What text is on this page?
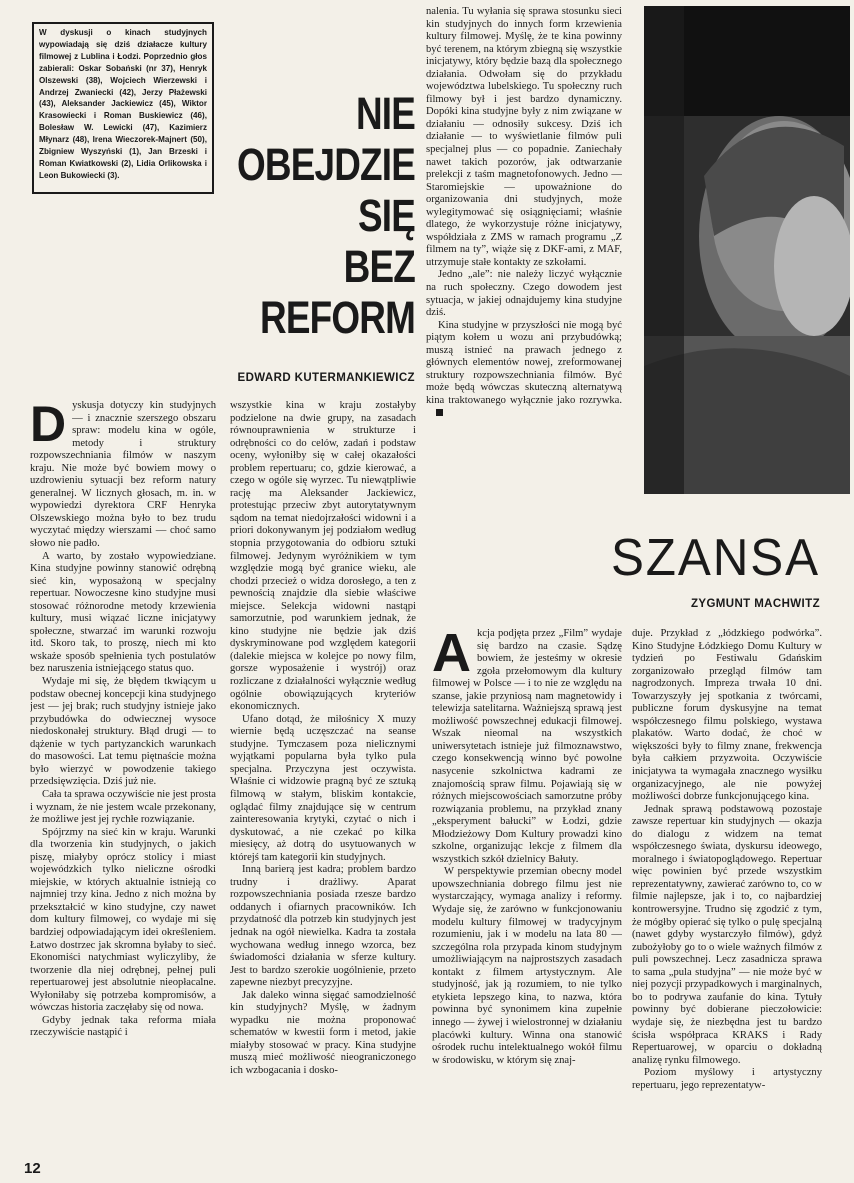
W dyskusji o kinach studyjnych wypowiadają się dziś działacze kultury filmowej z Lublina i Łodzi. Poprzednio głos zabierali: Oskar Sobański (nr 37), Henryk Olszewski (38), Wojciech Wierzewski i Andrzej Zwaniecki (42), Jerzy Płażewski (43), Aleksander Jackiewicz (45), Wiktor Krasowiecki i Roman Buskiewicz (46), Bolesław W. Lewicki (47), Kazimierz Młynarz (48), Irena Wieczorek-Majnert (50), Zbigniew Wyszyński (1), Jan Brzeski i Roman Kwiatkowski (2), Lidia Orlikowska i Leon Bukowiecki (3).
NIE
OBEJDZIE
SIĘ
BEZ REFORM
EDWARD KUTERMANKIEWICZ
D yskusja dotyczy kin studyjnych — i znacznie szerszego obszaru spraw: modelu kina w ogóle, metody i struktury rozpowszechniania filmów w naszym kraju. Nie może być bowiem mowy o uzdrowieniu sytuacji bez reform natury generalnej. W licznych głosach, m. in. w wypowiedzi dyrektora CRF Henryka Olszewskiego można było to bez trudu wyczytać między wierszami — choć samo słowo nie padło.

A warto, by zostało wypowiedziane. Kina studyjne powinny stanowić odrębną sieć kin, wyposażoną w specjalny repertuar. Nowoczesne kino studyjne musi stosować różnorodne metody krzewienia kultury, musi wiązać liczne inicjatywy społeczne, stwarzać im warunki rozwoju itd. Skoro tak, to proszę, niech mi kto wskaże sposób spełnienia tych postulatów bez naruszenia istniejącego status quo.

Wydaje mi się, że błędem tkwiącym u podstaw obecnej koncepcji kina studyjnego jest — jej brak; ruch studyjny istnieje jako przybudówka do odwiecznej wysoce niedoskonałej struktury. Błąd drugi — to dążenie w tych partyzanckich warunkach do masowości. Lat temu piętnaście można było wierzyć w powodzenie takiego przedsięwzięcia. Dziś już nie.

Cała ta sprawa oczywiście nie jest prosta i wyznam, że nie jestem wcale przekonany, że możliwe jest jej rychłe rozwiązanie.

Spójrzmy na sieć kin w kraju. Warunki dla tworzenia kin studyjnych, o jakich piszę, miałyby oprócz stolicy i miast wojewódzkich tylko nieliczne ośrodki miejskie, w których aktualnie istnieją co najmniej trzy kina. Jedno z nich można by przekształcić w kino studyjne, czy nawet dom kultury filmowej, co wydaje mi się bardziej odpowiadającym idei określeniem. Łatwo dostrzec jak skromna byłaby to sieć. Ekonomiści natychmiast wyliczyliby, że tworzenie dla niej odrębnej, pełnej puli repertuarowej jest absolutnie nieopłacalne. Wyłoniłaby się potrzeba kompromisów, a wówczas historia zaczęłaby się od nowa.

Gdyby jednak taka reforma miała rzeczywiście nastąpić i

wszystkie kina w kraju zostałyby podzielone na dwie grupy, na zasadach równouprawnienia w strukturze i odrębności co do celów, zadań i podstaw oceny, wyłoniłby się w całej okazałości problem repertuaru; co, gdzie kierować, a czego w ogóle się wyrzec. Tu niewątpliwie rację ma Aleksander Jackiewicz, protestując przeciw zbyt autorytatywnym sądom na temat niedojrzałości widowni i a priori dokonywanym jej podziałom według stopnia przygotowania do odbioru sztuki filmowej. Jedynym wyróżnikiem w tym względzie mogą być granice wieku, ale chodzi przecież o widza dorosłego, a ten z pewnością znajdzie dla siebie właściwe miejsce. Selekcja widowni nastąpi samorzutnie, pod warunkiem jednak, że kino studyjne nie będzie jak dziś dyskryminowane pod względem kategorii (dalekie miejsca w kolejce po nowy film, gorsze wyposażenie i wystrój) oraz rozliczane z działalności wyłącznie według ogólnie obowiązujących kryteriów ekonomicznych.

Ufano dotąd, że miłośnicy X muzy wiernie będą uczęszczać na seanse studyjne. Tymczasem poza nielicznymi wyjątkami popularna była tylko pula specjalna. Przyczyna jest oczywista. Właśnie ci widzowie pragną być ze sztuką filmową w stałym, bliskim kontakcie, oglądać filmy znajdujące się w centrum zainteresowania krytyki, czytać o nich i dyskutować, a nie czekać po kilka miesięcy, aż dotrą do usytuowanych w którejś tam kategorii kin studyjnych.

Inną barierą jest kadra; problem bardzo trudny i drażliwy. Aparat rozpowszechniania posiada rzesze bardzo oddanych i ofiarnych pracowników. Ich przydatność dla potrzeb kin studyjnych jest jednak na ogół niewielka. Kadra ta została wychowana według innego wzorca, bez świadomości działania w sferze kultury. Jest to bardzo szerokie uogólnienie, przeto zapewne niezbyt precyzyjne.

Jak daleko winna sięgać samodzielność kin studyjnych? Myślę, w żadnym wypadku nie można proponować schematów w kwestii form i metod, jakie miałyby stosować w pracy. Kina studyjne muszą mieć możliwość nieograniczonego ich wzbogacania i dosko-

nalenia. Tu wyłania się sprawa stosunku sieci kin studyjnych do innych form krzewienia kultury filmowej. Myślę, że te kina powinny być terenem, na którym zbiegną się wszystkie inicjatywy, który będzie bazą dla społecznego działania. Odwołam się do przykładu województwa lubelskiego. Tu społeczny ruch filmowy był i jest bardzo dynamiczny. Dopóki kina studyjne były z nim związane w działaniu — odnosiły sukcesy. Dziś ich działanie — to wyświetlanie filmów puli specjalnej plus — co popadnie. Zaniechały nawet takich pozorów, jak odtwarzanie prelekcji z taśm magnetofonowych. Jedno — Staromiejskie — upoważnione do organizowania dni studyjnych, może wylegitymować się osiągnięciami; właśnie dlatego, że wykorzystuje różne inicjatywy, współdziała z ZMS w ramach programu „Z filmem na ty”, wiąże się z DKF-ami, z MAF, utrzymuje stałe kontakty ze szkołami.

Jedno „ale”: nie należy liczyć wyłącznie na ruch społeczny. Czego dowodem jest sytuacja, w jakiej odnajdujemy kina studyjne dziś.

Kina studyjne w przyszłości nie mogą być piątym kołem u wozu ani przybudówką; muszą istnieć na prawach jednego z głównych elementów nowej, zreformowanej struktury rozpowszechniania filmów. Być może będą wówczas skuteczną alternatywą kina traktowanego wyłącznie jako rozrywka.

SZANSA
ZYGMUNT MACHWITZ
A kcja podjęta przez „Film” wydaje się bardzo na czasie. Sądzę bowiem, że jesteśmy w okresie zgoła przełomowym dla kultury filmowej w Polsce — i to nie ze względu na szanse, jakie przyniosą nam magnetowidy i telewizja satelitarna. Ważniejszą sprawą jest możliwość powszechnej edukacji filmowej. Wszak nieomal na wszystkich uniwersytetach istnieje już filmoznawstwo, czego konsekwencją winno być powolne nasycenie szkolnictwa kadrami ze znajomością spraw filmu. Pojawiają się w różnych miejscowościach samorzutne próby rozwiązania problemu, na przykład znany „eksperyment bałucki” w Łodzi, gdzie Młodzieżowy Dom Kultury prowadzi kino szkolne, organizując lekcje z filmem dla wszystkich szkół dzielnicy Bałuty.

W perspektywie przemian obecny model upowszechniania dobrego filmu jest nie wystarczający, wymaga analizy i reformy. Wydaje się, że zarówno w funkcjonowaniu modelu kultury filmowej w tradycyjnym rozumieniu, jak i w modelu na lata 80 — szczególna rola przypada kinom studyjnym umożliwiającym na najprostszych zasadach kontakt z filmem artystycznym. Ale studyjność, jak ją rozumiem, to nie tylko etykieta lepszego kina, to nazwa, która powinna być synonimem kina zupełnie innego — żywej i wielostronnej w działaniu placówki kultury. Winna ona stanowić ośrodek ruchu intelektualnego wokół filmu w środowisku, w którym się znaj-

duje. Przykład z „łódzkiego podwórka”. Kino Studyjne Łódzkiego Domu Kultury w tydzień po Festiwalu Gdańskim zorganizowało przegląd filmów tam nagrodzonych. Impreza trwała 10 dni. Towarzyszyły jej spotkania z twórcami, publiczne forum dyskusyjne na temat współczesnego filmu polskiego, wystawa plakatów. Warto dodać, że choć w większości były to filmy znane, frekwencja była całkiem przyzwoita. Oczywiście inicjatywa ta wymagała znacznego wysiłku organizacyjnego, ale nie powyżej możliwości dobrze funkcjonującego kina.

Jednak sprawą podstawową pozostaje zawsze repertuar kin studyjnych — okazja do dialogu z widzem na temat współczesnego świata, dyskursu ideowego, moralnego i światopoglądowego. Repertuar więc powinien być przede wszystkim reprezentatywny, zawierać zarówno to, co w filmie najlepsze, jak i to, co najbardziej kontrowersyjne. Trudno się zgodzić z tym, że mógłby opierać się tylko o pulę specjalną (nawet gdyby wystarczyło filmów), gdyż zubożyłoby go to o wiele ważnych filmów z puli powszechnej. Lecz zasadnicza sprawa to sama „pula studyjna” — nie może być w niej pozycji przypadkowych i marginalnych, bo to podrywa zaufanie do kina. Tytuły powinny być dobierane pieczołowicie: wydaje się, że niezbędna jest tu bardzo ścisła współpraca KRAKS i Rady Repertuarowej, w oparciu o dokładną analizę rynku filmowego.

Poziom myślowy i artystyczny repertuaru, jego reprezentatyw-

12
